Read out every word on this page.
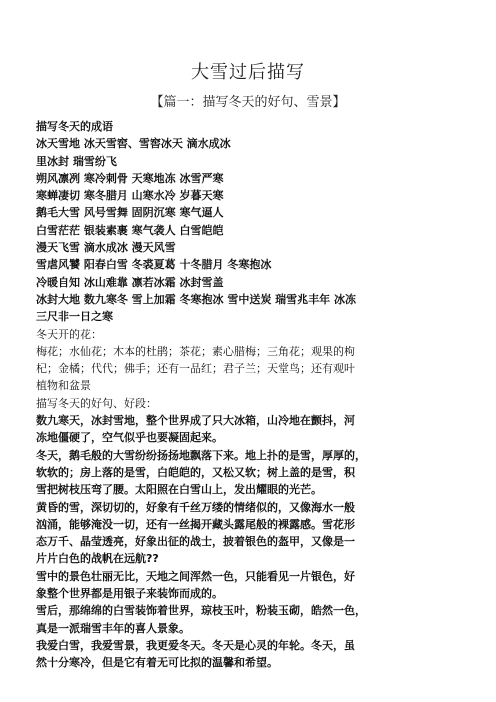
大雪过后描写
【篇一：描写冬天的好句、雪景】
描写冬天的成语
冰天雪地 冰天雪窖、雪窖冰天 滴水成冰
里冰封 瑞雪纷飞
朔风凛冽 寒冷刺骨 天寒地冻 冰雪严寒
寒蝉凄切 寒冬腊月 山寒水冷 岁暮天寒
鹅毛大雪 风号雪舞 固阴沉寒 寒气逼人
白雪茫茫 银装素裹 寒气袭人 白雪皑皑
漫天飞雪 滴水成冰 漫天风雪
雪虐风饕 阳春白雪 冬裘夏葛 十冬腊月 冬寒抱冰
冷暖自知 冰山难靠 凛若冰霜 冰封雪盖
冰封大地 数九寒冬 雪上加霜 冬寒抱冰 雪中送炭 瑞雪兆丰年 冰冻
三尺非一日之寒
冬天开的花：
梅花；水仙花；木本的杜鹃；茶花；素心腊梅；三角花；观果的枸
杞；金橘；代代；佛手；还有一品红；君子兰；天堂鸟；还有观叶
植物和盆景
描写冬天的好句、好段：
数九寒天，冰封雪地，整个世界成了只大冰箱，山冷地在颤抖，河
冻地僵硬了，空气似乎也要凝固起来。
冬天，鹅毛般的大雪纷纷扬扬地飘落下来。地上扑的是雪，厚厚的，
软软的；房上落的是雪，白皑皑的，又松又软；树上盖的是雪，积
雪把树枝压弯了腰。太阳照在白雪山上，发出耀眼的光芒。
黄昏的雪，深切切的，好象有千丝万缕的情绪似的，又像海水一般
汹涌，能够淹没一切，还有一丝揭开藏头露尾般的裸露感。雪花形
态万千、晶莹透亮，好象出征的战士，披着银色的盔甲，又像是一
片片白色的战帆在远航??
雪中的景色壮丽无比，天地之间浑然一色，只能看见一片银色，好
象整个世界都是用银子来装饰而成的。
雪后，那绵绵的白雪装饰着世界，琼枝玉叶，粉装玉砌，皓然一色，
真是一派瑞雪丰年的喜人景象。
我爱白雪，我爱雪景，我更爱冬天。冬天是心灵的年轮。冬天，虽
然十分寒冷，但是它有着无可比拟的温馨和希望。
